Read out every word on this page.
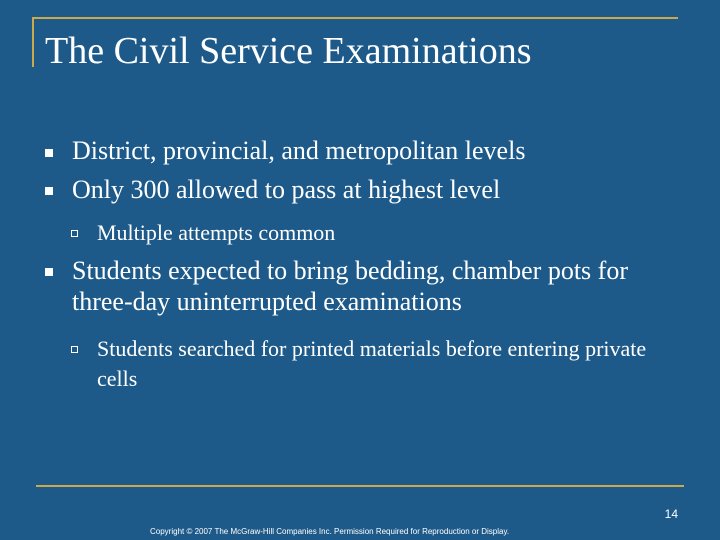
The Civil Service Examinations
District, provincial, and metropolitan levels
Only 300 allowed to pass at highest level
Multiple attempts common
Students expected to bring bedding, chamber pots for three-day uninterrupted examinations
Students searched for printed materials before entering private cells
14
Copyright © 2007 The McGraw-Hill Companies Inc. Permission Required for Reproduction or Display.
